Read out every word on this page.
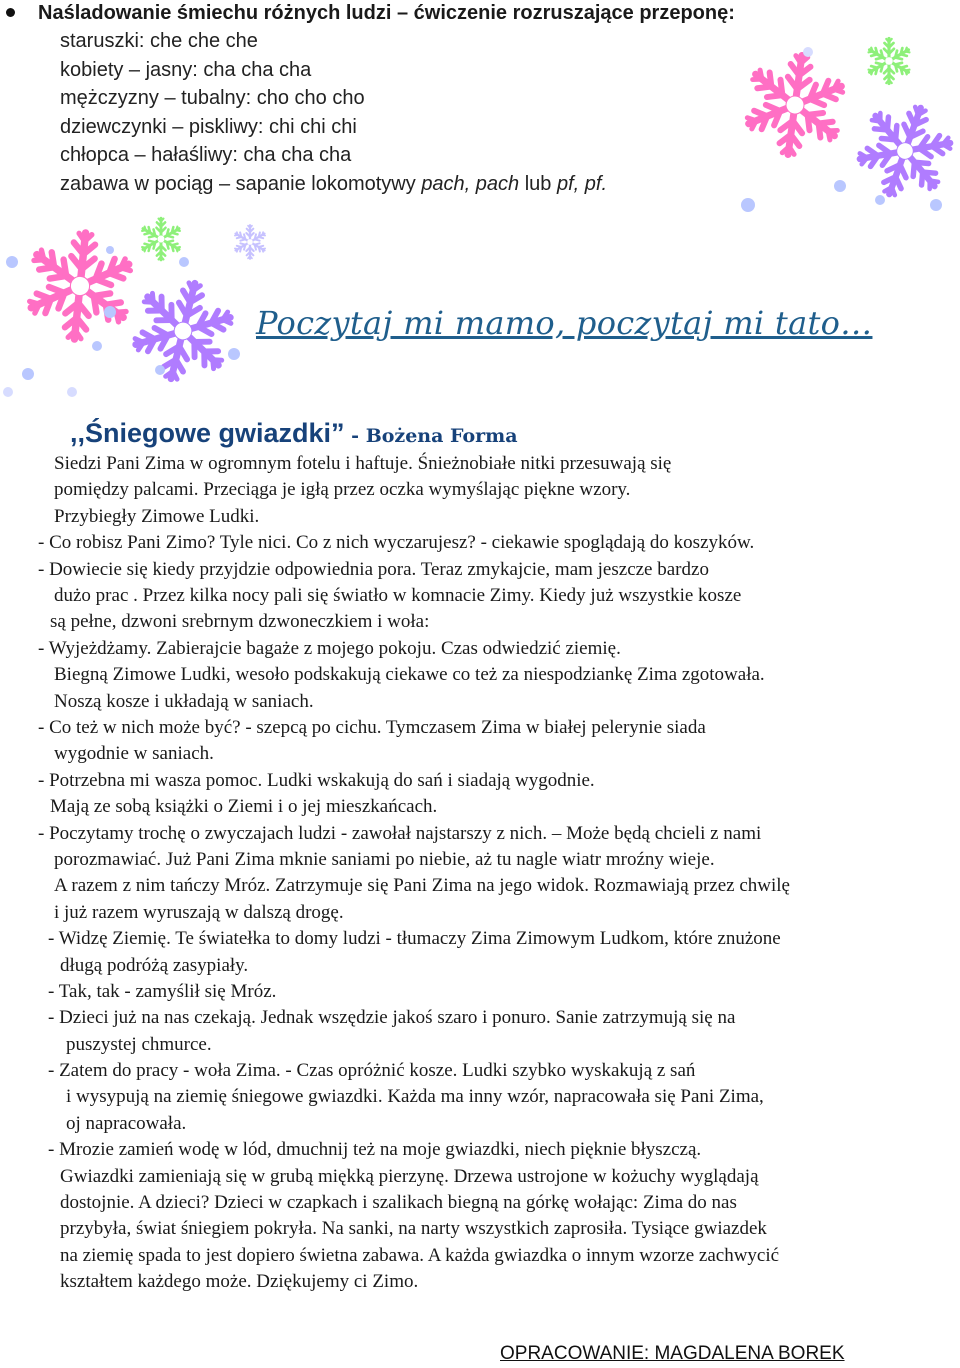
Naśladowanie śmiechu różnych ludzi – ćwiczenie rozruszające przeponę:
staruszki: che che che
kobiety – jasny: cha cha cha
mężczyzny – tubalny: cho cho cho
dziewczynki – piskliwy: chi chi chi
chłopca – hałaśliwy: cha cha cha
zabawa w pociąg – sapanie lokomotywy pach, pach lub pf, pf.
Poczytaj mi mamo, poczytaj mi tato…
,,Śniegowe gwiazdki” - Bożena Forma
Siedzi Pani Zima w ogromnym fotelu i haftuje. Śnieżnobiałe nitki przesuwają się
pomiędzy palcami. Przeciąga je igłą przez oczka wymyślając piękne wzory.
Przybiegły Zimowe Ludki.
- Co robisz Pani Zimo? Tyle nici. Co z nich wyczarujesz? - ciekawie spoglądają do koszyków.
- Dowiecie się kiedy przyjdzie odpowiednia pora. Teraz zmykajcie, mam jeszcze bardzo
dużo prac . Przez kilka nocy pali się światło w komnacie Zimy. Kiedy już wszystkie kosze
są pełne, dzwoni srebrnym dzwoneczkiem i woła:
- Wyjeżdżamy. Zabierajcie bagaże z mojego pokoju. Czas odwiedzić ziemię.
Biegną Zimowe Ludki, wesoło podskakują ciekawe co też za niespodziankę Zima zgotowała.
Noszą kosze i układają w saniach.
- Co też w nich może być? - szepcą po cichu. Tymczasem Zima w białej pelerynie siada
wygodnie w saniach.
- Potrzebna mi wasza pomoc. Ludki wskakują do sań i siadają wygodnie.
Mają ze sobą książki o Ziemi i o jej mieszkańcach.
- Poczytamy trochę o zwyczajach ludzi - zawołał najstarszy z nich. – Może będą chcieli z nami
porozmawiać. Już Pani Zima mknie saniami po niebie, aż tu nagle wiatr mroźny wieje.
A razem z nim tańczy Mróz. Zatrzymuje się Pani Zima na jego widok. Rozmawiają przez chwilę
i już razem wyruszają w dalszą drogę.
- Widzę Ziemię. Te światełka to domy ludzi - tłumaczy Zima Zimowym Ludkom, które znużone
długą podróżą zasypiały.
- Tak, tak - zamyślił się Mróz.
- Dzieci już na nas czekają. Jednak wszędzie jakoś szaro i ponuro. Sanie zatrzymują się na
puszystej chmurce.
- Zatem do pracy - woła Zima. - Czas opróżnić kosze. Ludki szybko wyskakują z sań
i wysypują na ziemię śniegowe gwiazdki. Każda ma inny wzór, napracowała się Pani Zima,
oj napracowała.
- Mrozie zamień wodę w lód, dmuchnij też na moje gwiazdki, niech pięknie błyszczą.
Gwiazdki zamieniają się w grubą miękką pierzynę. Drzewa ustrojone w kożuchy wyglądają
dostojnie. A dzieci? Dzieci w czapkach i szalikach biegną na górkę wołając: Zima do nas
przybyła, świat śniegiem pokryła. Na sanki, na narty wszystkich zaprosiła. Tysiące gwiazdek
na ziemię spada to jest dopiero świetna zabawa. A każda gwiazdka o innym wzorze zachwycić
kształtem każdego może. Dziękujemy ci Zimo.
OPRACOWANIE: MAGDALENA BOREK
